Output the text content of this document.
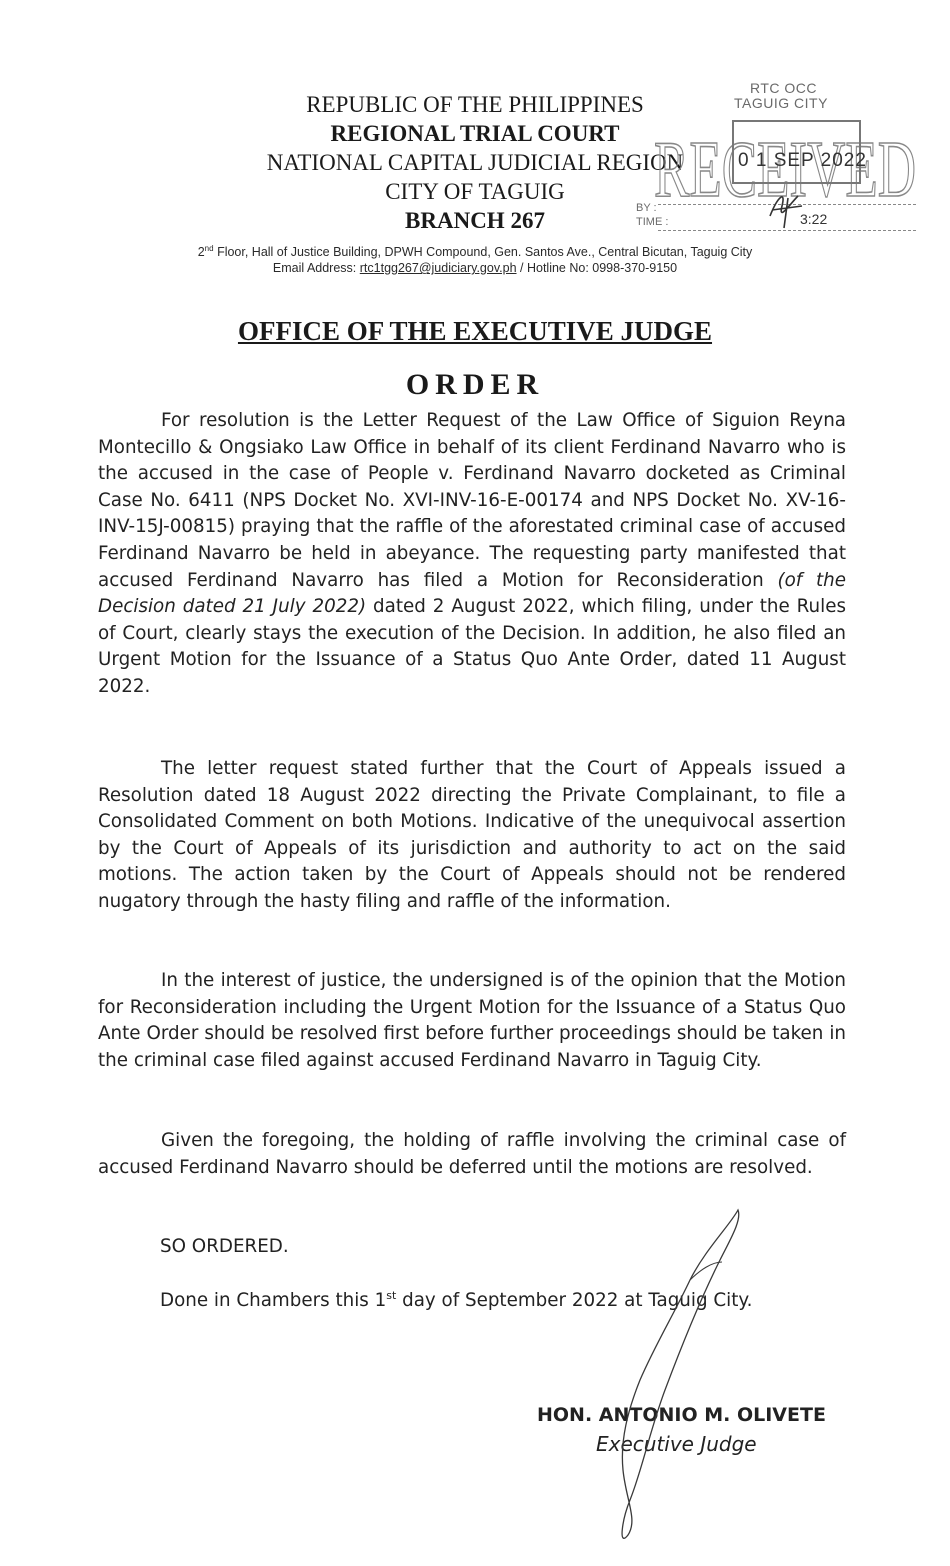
REPUBLIC OF THE PHILIPPINES
REGIONAL TRIAL COURT
NATIONAL CAPITAL JUDICIAL REGION
CITY OF TAGUIG
BRANCH 267
2nd Floor, Hall of Justice Building, DPWH Compound, Gen. Santos Ave., Central Bicutan, Taguig City
Email Address: rtc1tgg267@judiciary.gov.ph / Hotline No: 0998-370-9150
RECEIVED
RTC OCC
TAGUIG CITY
0 1 SEP 2022
BY :
TIME :	3:22
OFFICE OF THE EXECUTIVE JUDGE
ORDER

For resolution is the Letter Request of the Law Office of Siguion Reyna Montecillo & Ongsiako Law Office in behalf of its client Ferdinand Navarro who is the accused in the case of People v. Ferdinand Navarro docketed as Criminal Case No. 6411 (NPS Docket No. XVI-INV-16-E-00174 and NPS Docket No. XV-16-INV-15J-00815) praying that the raffle of the aforestated criminal case of accused Ferdinand Navarro be held in abeyance. The requesting party manifested that accused Ferdinand Navarro has filed a Motion for Reconsideration (of the Decision dated 21 July 2022) dated 2 August 2022, which filing, under the Rules of Court, clearly stays the execution of the Decision. In addition, he also filed an Urgent Motion for the Issuance of a Status Quo Ante Order, dated 11 August 2022.

The letter request stated further that the Court of Appeals issued a Resolution dated 18 August 2022 directing the Private Complainant, to file a Consolidated Comment on both Motions. Indicative of the unequivocal assertion by the Court of Appeals of its jurisdiction and authority to act on the said motions. The action taken by the Court of Appeals should not be rendered nugatory through the hasty filing and raffle of the information.

In the interest of justice, the undersigned is of the opinion that the Motion for Reconsideration including the Urgent Motion for the Issuance of a Status Quo Ante Order should be resolved first before further proceedings should be taken in the criminal case filed against accused Ferdinand Navarro in Taguig City.

Given the foregoing, the holding of raffle involving the criminal case of accused Ferdinand Navarro should be deferred until the motions are resolved.

SO ORDERED.
Done in Chambers this 1st day of September 2022 at Taguig City.
HON. ANTONIO M. OLIVETE
Executive Judge
